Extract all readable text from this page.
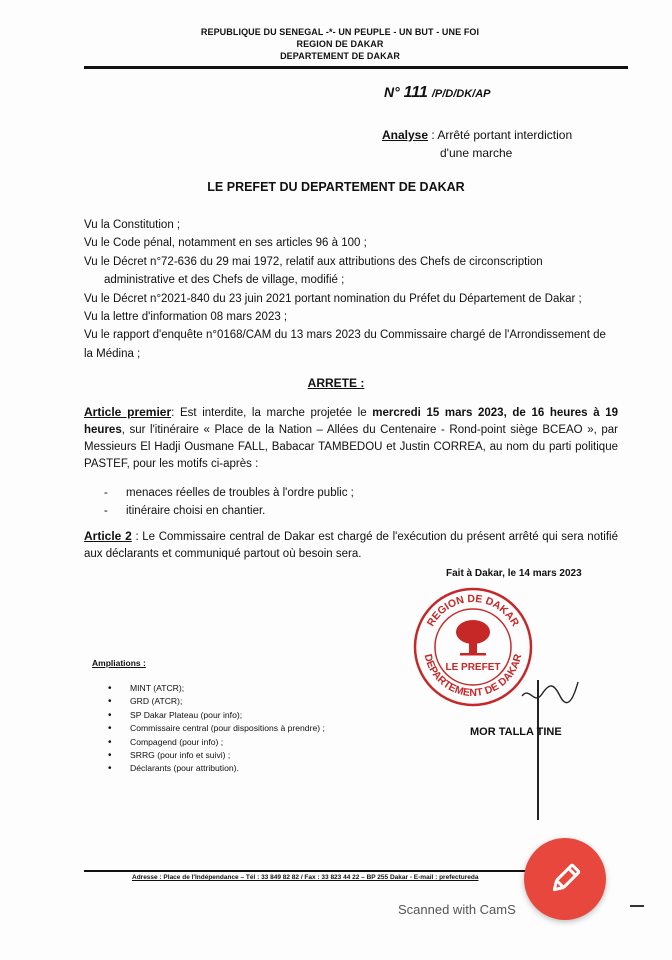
REPUBLIQUE DU SENEGAL -*- UN PEUPLE - UN BUT - UNE FOI
REGION DE DAKAR
DEPARTEMENT DE DAKAR
N° 111 /P/D/DK/AP
Analyse : Arrêté portant interdiction
d'une marche
LE PREFET DU DEPARTEMENT DE DAKAR

Vu la Constitution ;

Vu le Code pénal, notamment en ses articles 96 à 100 ;

Vu le Décret n°72-636 du 29 mai 1972, relatif aux attributions des Chefs de circonscription

administrative et des Chefs de village, modifié ;

Vu le Décret n°2021-840 du 23 juin 2021 portant nomination du Préfet du Département de Dakar ;

Vu la lettre d'information 08 mars 2023 ;

Vu le rapport d'enquête n°0168/CAM du 13 mars 2023 du Commissaire chargé de l'Arrondissement de

la Médina ;

ARRETE :
Article premier: Est interdite, la marche projetée le mercredi 15 mars 2023, de 16 heures à 19 heures, sur l'itinéraire « Place de la Nation – Allées du Centenaire - Rond-point siège BCEAO », par Messieurs El Hadji Ousmane FALL, Babacar TAMBEDOU et Justin CORREA, au nom du parti politique PASTEF, pour les motifs ci-après :
- menaces réelles de troubles à l'ordre public ;
- itinéraire choisi en chantier.
Article 2 : Le Commissaire central de Dakar est chargé de l'exécution du présent arrêté qui sera notifié aux déclarants et communiqué partout où besoin sera.
Fait à Dakar, le 14 mars 2023
REGION DE DAKAR
DEPARTEMENT DE DAKAR
LE PREFET
MOR TALLA TINE
Ampliations :
• MINT (ATCR);
• GRD (ATCR);
• SP Dakar Plateau (pour info);
• Commissaire central (pour dispositions à prendre) ;
• Compagend (pour info) ;
• SRRG (pour info et suivi) ;
• Déclarants (pour attribution).
Adresse : Place de l'Indépendance – Tél : 33 849 82 82 / Fax : 33 823 44 22 – BP 255 Dakar - E-mail : prefectureda
Scanned with CamS
